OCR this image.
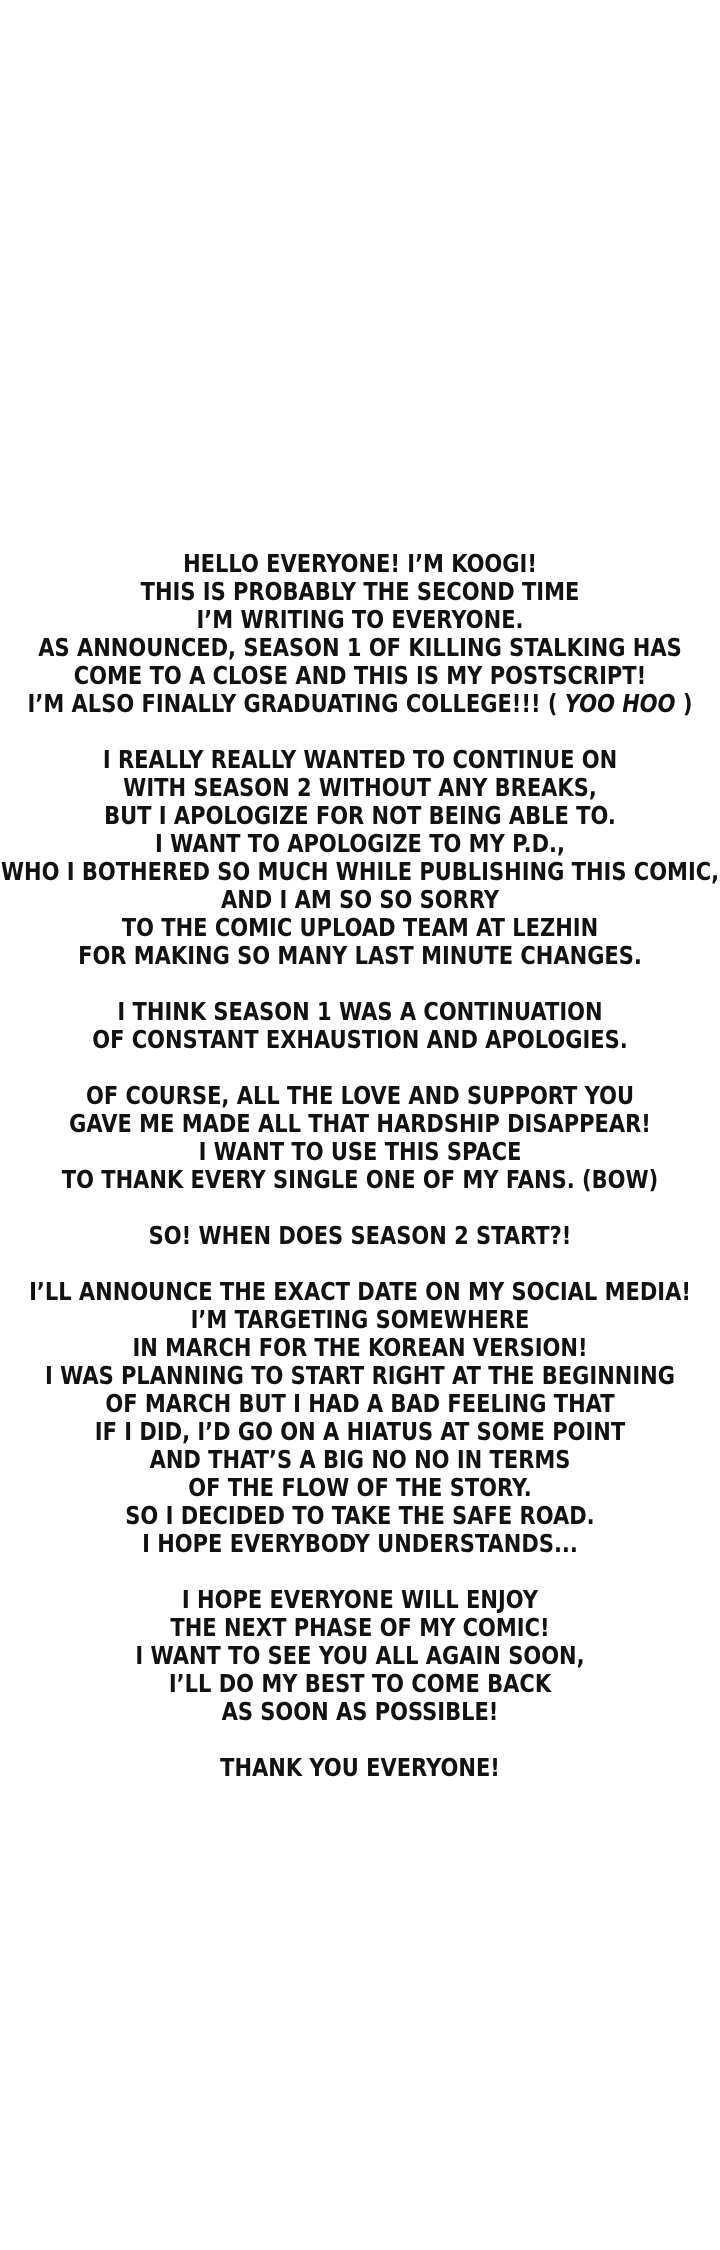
HELLO EVERYONE! I’M KOOGI!
THIS IS PROBABLY THE SECOND TIME
I’M WRITING TO EVERYONE.
AS ANNOUNCED, SEASON 1 OF KILLING STALKING HAS
COME TO A CLOSE AND THIS IS MY POSTSCRIPT!
I’M ALSO FINALLY GRADUATING COLLEGE!!! ( YOO HOO )
I REALLY REALLY WANTED TO CONTINUE ON
WITH SEASON 2 WITHOUT ANY BREAKS,
BUT I APOLOGIZE FOR NOT BEING ABLE TO.
I WANT TO APOLOGIZE TO MY P.D.,
WHO I BOTHERED SO MUCH WHILE PUBLISHING THIS COMIC,
AND I AM SO SO SORRY
TO THE COMIC UPLOAD TEAM AT LEZHIN
FOR MAKING SO MANY LAST MINUTE CHANGES.
I THINK SEASON 1 WAS A CONTINUATION
OF CONSTANT EXHAUSTION AND APOLOGIES.
OF COURSE, ALL THE LOVE AND SUPPORT YOU
GAVE ME MADE ALL THAT HARDSHIP DISAPPEAR!
I WANT TO USE THIS SPACE
TO THANK EVERY SINGLE ONE OF MY FANS. (BOW)
SO! WHEN DOES SEASON 2 START?!
I’LL ANNOUNCE THE EXACT DATE ON MY SOCIAL MEDIA!
I’M TARGETING SOMEWHERE
IN MARCH FOR THE KOREAN VERSION!
I WAS PLANNING TO START RIGHT AT THE BEGINNING
OF MARCH BUT I HAD A BAD FEELING THAT
IF I DID, I’D GO ON A HIATUS AT SOME POINT
AND THAT’S A BIG NO NO IN TERMS
OF THE FLOW OF THE STORY.
SO I DECIDED TO TAKE THE SAFE ROAD.
I HOPE EVERYBODY UNDERSTANDS...
I HOPE EVERYONE WILL ENJOY
THE NEXT PHASE OF MY COMIC!
I WANT TO SEE YOU ALL AGAIN SOON,
I’LL DO MY BEST TO COME BACK
AS SOON AS POSSIBLE!
THANK YOU EVERYONE!
